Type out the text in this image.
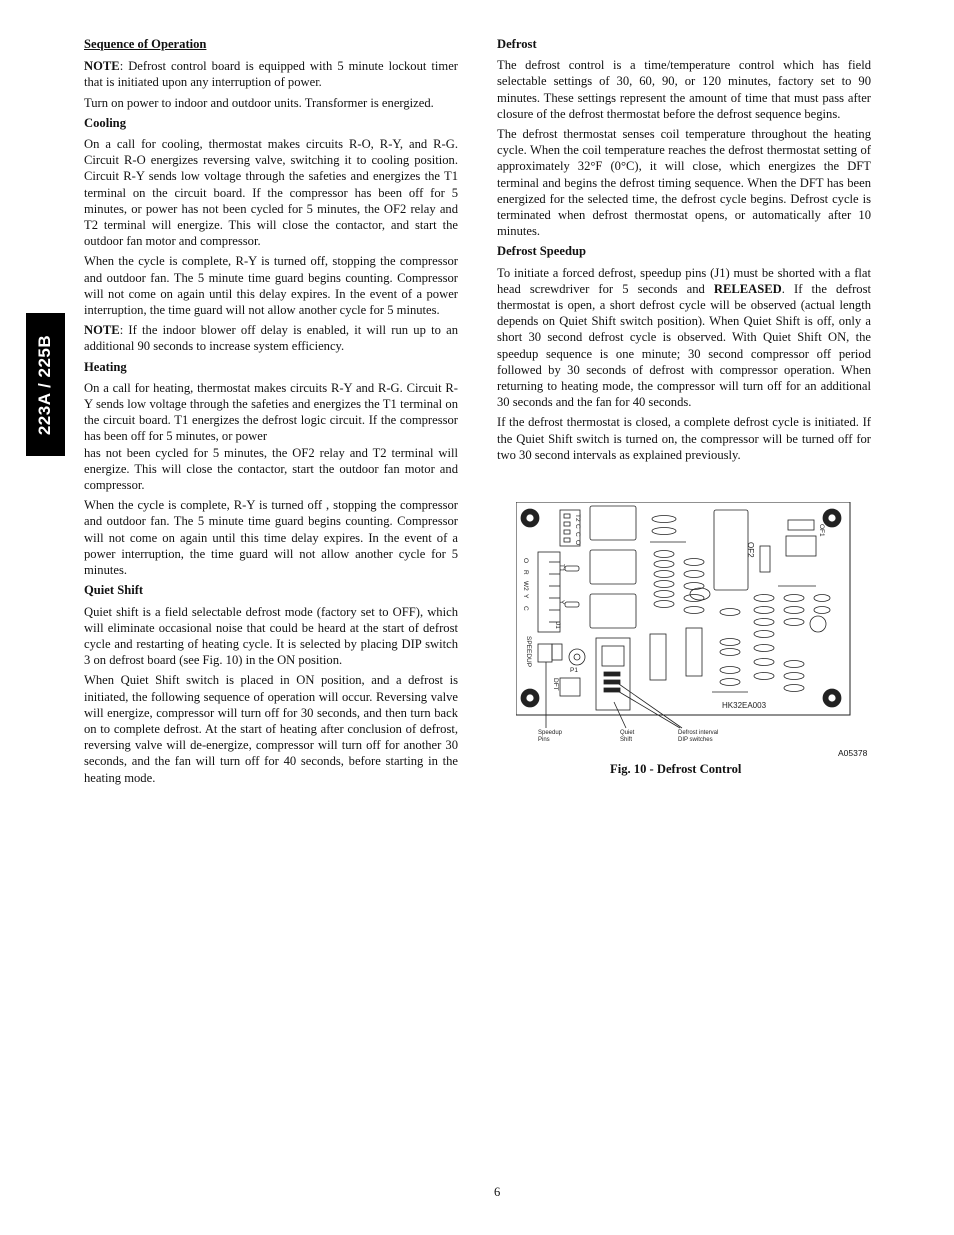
223A / 225B
Sequence of Operation

NOTE: Defrost control board is equipped with 5 minute lockout timer that is initiated upon any interruption of power.

Turn on power to indoor and outdoor units. Transformer is energized.

Cooling

On a call for cooling, thermostat makes circuits R-O, R-Y, and R-G. Circuit R-O energizes reversing valve, switching it to cooling position. Circuit R-Y sends low voltage through the safeties and energizes the T1 terminal on the circuit board. If the compressor has been off for 5 minutes, or power has not been cycled for 5 minutes, the OF2 relay and T2 terminal will energize. This will close the contactor, and start the outdoor fan motor and compressor.

When the cycle is complete, R-Y is turned off, stopping the compressor and outdoor fan. The 5 minute time guard begins counting. Compressor will not come on again until this delay expires. In the event of a power interruption, the time guard will not allow another cycle for 5 minutes.

NOTE: If the indoor blower off delay is enabled, it will run up to an additional 90 seconds to increase system efficiency.

Heating

On a call for heating, thermostat makes circuits R-Y and R-G. Circuit R-Y sends low voltage through the safeties and energizes the T1 terminal on the circuit board. T1 energizes the defrost logic circuit. If the compressor has been off for 5 minutes, or power

has not been cycled for 5 minutes, the OF2 relay and T2 terminal will energize. This will close the contactor, start the outdoor fan motor and compressor.

When the cycle is complete, R-Y is turned off , stopping the compressor and outdoor fan. The 5 minute time guard begins counting. Compressor will not come on again until this time delay expires. In the event of a power interruption, the time guard will not allow another cycle for 5 minutes.

Quiet Shift

Quiet shift is a field selectable defrost mode (factory set to OFF), which will eliminate occasional noise that could be heard at the start of defrost cycle and restarting of heating cycle. It is selected by placing DIP switch 3 on defrost board (see Fig. 10) in the ON position.

When Quiet Shift switch is placed in ON position, and a defrost is initiated, the following sequence of operation will occur. Reversing valve will energize, compressor will turn off for 30 seconds, and then turn back on to complete defrost. At the start of heating after conclusion of defrost, reversing valve will de-energize, compressor will turn off for another 30 seconds, and the fan will turn off for 40 seconds, before starting in the heating mode.

Defrost

The defrost control is a time/temperature control which has field selectable settings of 30, 60, 90, or 120 minutes, factory set to 90 minutes. These settings represent the amount of time that must pass after closure of the defrost thermostat before the defrost sequence begins.

The defrost thermostat senses coil temperature throughout the heating cycle. When the coil temperature reaches the defrost thermostat setting of approximately 32°F (0°C), it will close, which energizes the DFT terminal and begins the defrost timing sequence. When the DFT has been energized for the selected time, the defrost cycle begins. Defrost cycle is terminated when defrost thermostat opens, or automatically after 10 minutes.

Defrost Speedup

To initiate a forced defrost, speedup pins (J1) must be shorted with a flat head screwdriver for 5 seconds and RELEASED. If the defrost thermostat is open, a short defrost cycle will be observed (actual length depends on Quiet Shift switch position). When Quiet Shift is off, only a short 30 second defrost cycle is observed. With Quiet Shift ON, the speedup sequence is one minute; 30 second compressor off period followed by 30 seconds of defrost with compressor operation. When returning to heating mode, the compressor will turn off for an additional 30 seconds and the fan for 40 seconds.

If the defrost thermostat is closed, a complete defrost cycle is initiated. If the Quiet Shift switch is turned on, the compressor will be turned off for two 30 second intervals as explained previously.

T2
C
C
O
OF1
OF2
O
R
W2
Y
C
T1
Y
DFT
J1
SPEEDUP
P1
HK32EA003
Speedup
Pins
Quiet
Shift
Defrost interval
DIP switches
A05378
Fig. 10 - Defrost Control
6
